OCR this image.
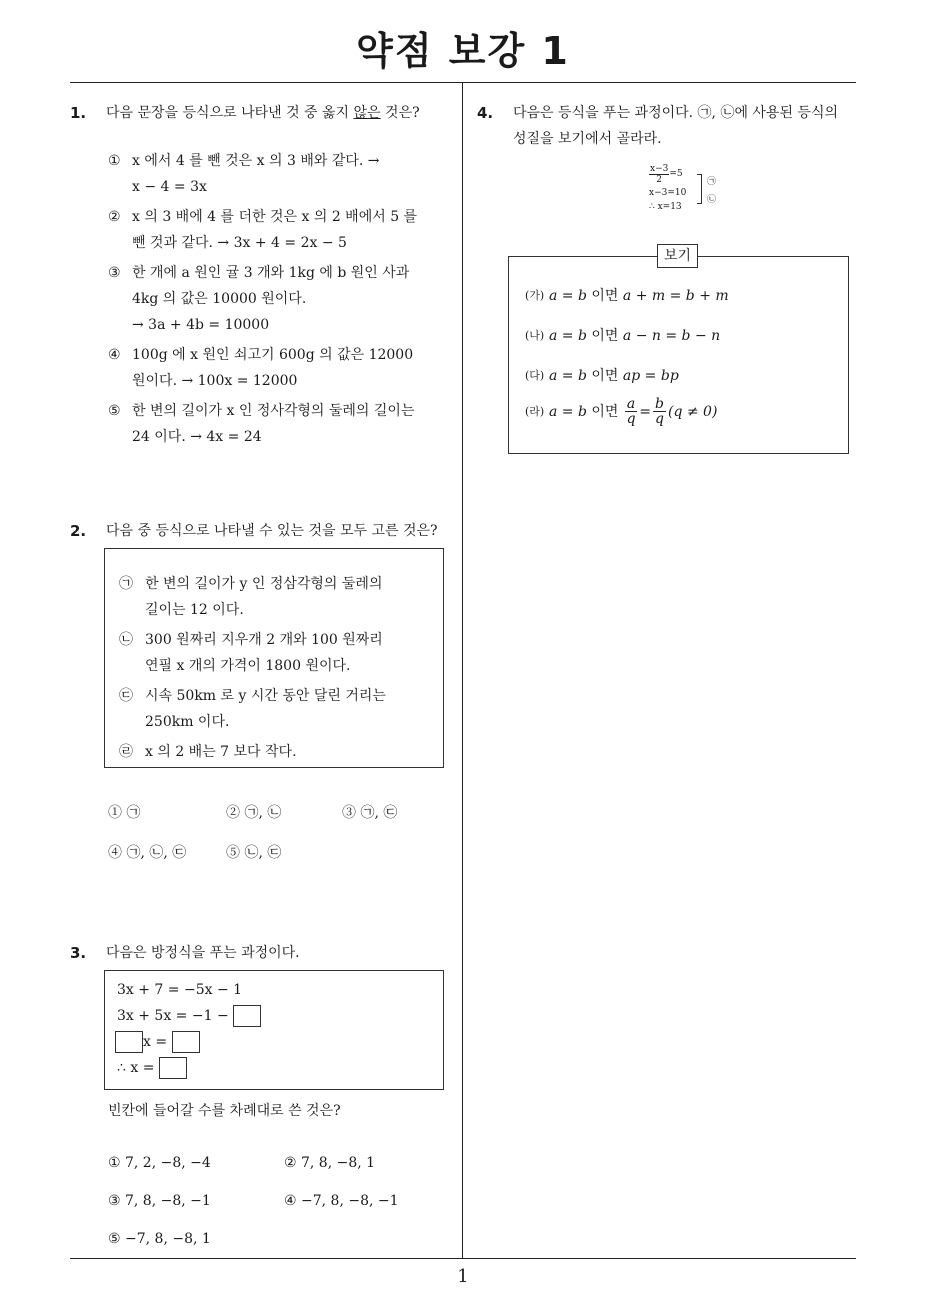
약점 보강 1
1.	다음 문장을 등식으로 나타낸 것 중 옳지 않은 것은?
① x 에서 4 를 뺀 것은 x 의 3 배와 같다. →
x − 4 = 3x
② x 의 3 배에 4 를 더한 것은 x 의 2 배에서 5 를
뺀 것과 같다. → 3x + 4 = 2x − 5
③ 한 개에 a 원인 귤 3 개와 1kg 에 b 원인 사과
4kg 의 값은 10000 원이다.
→ 3a + 4b = 10000
④ 100g 에 x 원인 쇠고기 600g 의 값은 12000
원이다. → 100x = 12000
⑤ 한 변의 길이가 x 인 정사각형의 둘레의 길이는
24 이다. → 4x = 24
2.	다음 중 등식으로 나타낼 수 있는 것을 모두 고른 것은?
㉠ 한 변의 길이가 y 인 정삼각형의 둘레의
길이는 12 이다.
㉡ 300 원짜리 지우개 2 개와 100 원짜리
연필 x 개의 가격이 1800 원이다.
㉢ 시속 50km 로 y 시간 동안 달린 거리는
250km 이다.
㉣ x 의 2 배는 7 보다 작다.
① ㉠	② ㉠, ㉡	③ ㉠, ㉢
④ ㉠, ㉡, ㉢	⑤ ㉡, ㉢
3.	다음은 방정식을 푸는 과정이다.
3x + 7 = −5x − 1
3x + 5x = −1 −
x =
∴ x =
빈칸에 들어갈 수를 차례대로 쓴 것은?
① 7, 2, −8, −4	② 7, 8, −8, 1
③ 7, 8, −8, −1	④ −7, 8, −8, −1
⑤ −7, 8, −8, 1
4.	다음은 등식을 푸는 과정이다. ㉠, ㉡에 사용된 등식의
성질을 보기에서 골라라.
$\frac{x-3}{2} =5$
x−3=10
∴ x=13
㉠
㉡
(가) a = b
이면
a + m = b + m
(나) a = b
이면
a − n = b − n
(다) a = b
이면
ap = bp
(라) a = b
이면
$\frac{a}{q} = \frac{b}{q} (q \ne 0)$
보기
1
